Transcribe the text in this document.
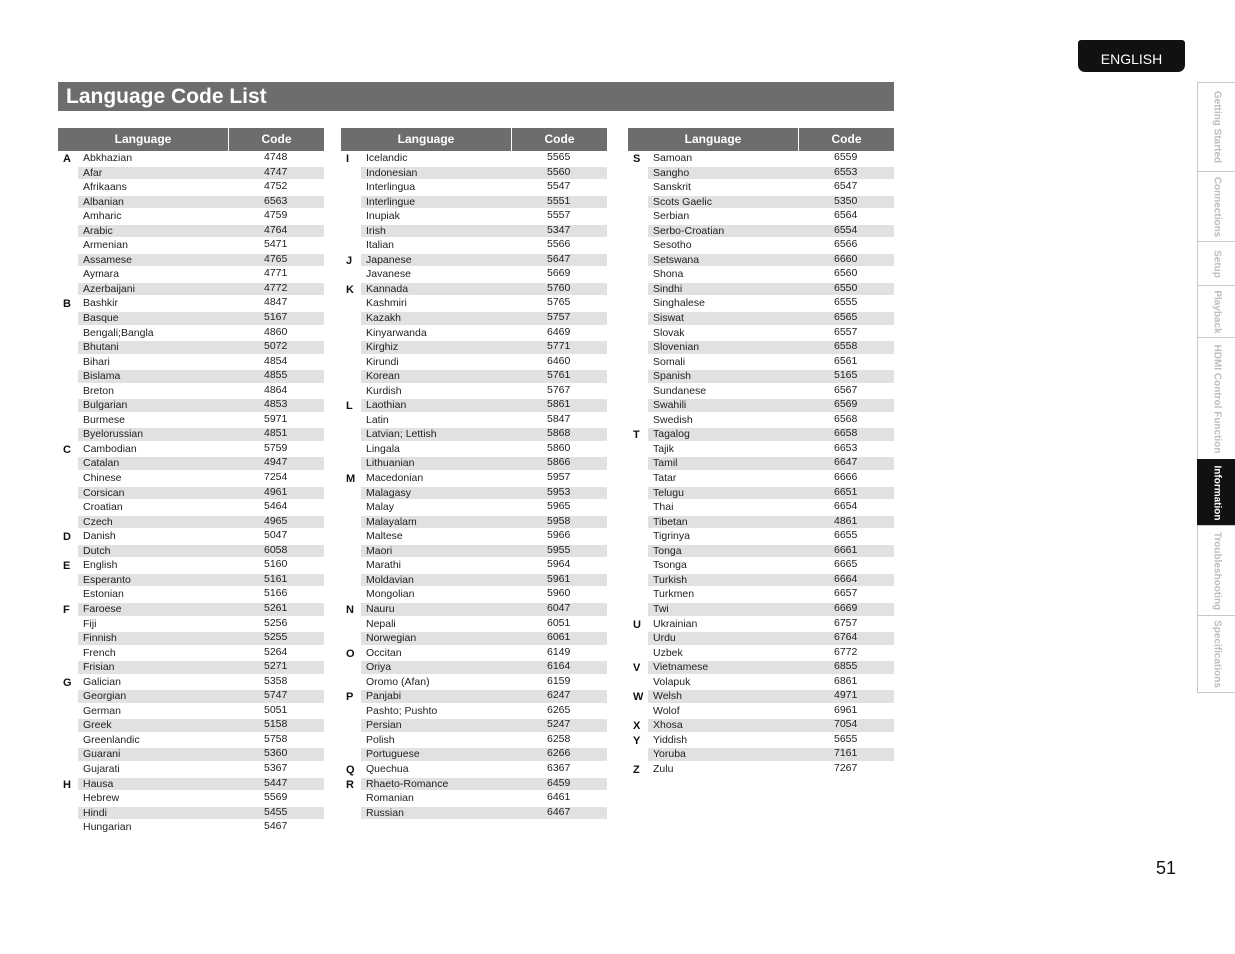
ENGLISH
Language Code List
Language	Code
A Abkhazian	4748
Afar	4747
Afrikaans	4752
Albanian	6563
Amharic	4759
Arabic	4764
Armenian	5471
Assamese	4765
Aymara	4771
Azerbaijani	4772
B Bashkir	4847
Basque	5167
Bengali;Bangla	4860
Bhutani	5072
Bihari	4854
Bislama	4855
Breton	4864
Bulgarian	4853
Burmese	5971
Byelorussian	4851
C Cambodian	5759
Catalan	4947
Chinese	7254
Corsican	4961
Croatian	5464
Czech	4965
D Danish	5047
Dutch	6058
E English	5160
Esperanto	5161
Estonian	5166
F Faroese	5261
Fiji	5256
Finnish	5255
French	5264
Frisian	5271
G Galician	5358
Georgian	5747
German	5051
Greek	5158
Greenlandic	5758
Guarani	5360
Gujarati	5367
H Hausa	5447
Hebrew	5569
Hindi	5455
Hungarian	5467
Language	Code
I Icelandic	5565
Indonesian	5560
Interlingua	5547
Interlingue	5551
Inupiak	5557
Irish	5347
Italian	5566
J Japanese	5647
Javanese	5669
K Kannada	5760
Kashmiri	5765
Kazakh	5757
Kinyarwanda	6469
Kirghiz	5771
Kirundi	6460
Korean	5761
Kurdish	5767
L Laothian	5861
Latin	5847
Latvian; Lettish	5868
Lingala	5860
Lithuanian	5866
M Macedonian	5957
Malagasy	5953
Malay	5965
Malayalam	5958
Maltese	5966
Maori	5955
Marathi	5964
Moldavian	5961
Mongolian	5960
N Nauru	6047
Nepali	6051
Norwegian	6061
O Occitan	6149
Oriya	6164
Oromo (Afan)	6159
P Panjabi	6247
Pashto; Pushto	6265
Persian	5247
Polish	6258
Portuguese	6266
Q Quechua	6367
R Rhaeto-Romance	6459
Romanian	6461
Russian	6467
Language	Code
S Samoan	6559
Sangho	6553
Sanskrit	6547
Scots Gaelic	5350
Serbian	6564
Serbo-Croatian	6554
Sesotho	6566
Setswana	6660
Shona	6560
Sindhi	6550
Singhalese	6555
Siswat	6565
Slovak	6557
Slovenian	6558
Somali	6561
Spanish	5165
Sundanese	6567
Swahili	6569
Swedish	6568
T Tagalog	6658
Tajik	6653
Tamil	6647
Tatar	6666
Telugu	6651
Thai	6654
Tibetan	4861
Tigrinya	6655
Tonga	6661
Tsonga	6665
Turkish	6664
Turkmen	6657
Twi	6669
U Ukrainian	6757
Urdu	6764
Uzbek	6772
V Vietnamese	6855
Volapuk	6861
W Welsh	4971
Wolof	6961
X Xhosa	7054
Y Yiddish	5655
Yoruba	7161
Z Zulu	7267
Getting Started
Connections
Setup
Playback
HDMI Control Function
Information
Troubleshooting
Specifications
51
